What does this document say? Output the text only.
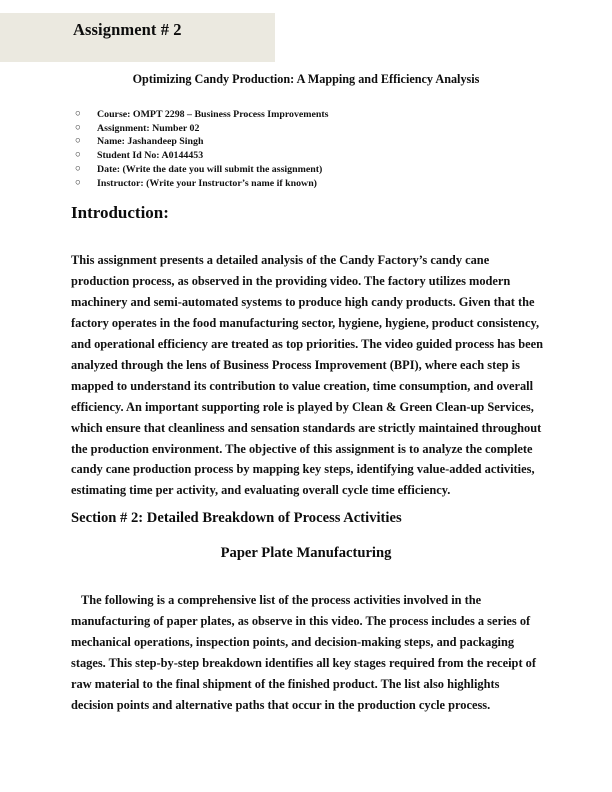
Assignment # 2
Optimizing Candy Production: A Mapping and Efficiency Analysis
○ Course: OMPT 2298 – Business Process Improvements
○ Assignment: Number 02
○ Name: Jashandeep Singh
○ Student Id No: A0144453
○ Date: (Write the date you will submit the assignment)
○ Instructor: (Write your Instructor’s name if known)
Introduction:

This assignment presents a detailed analysis of the Candy Factory’s candy cane production process, as observed in the providing video. The factory utilizes modern machinery and semi-automated systems to produce high candy products. Given that the factory operates in the food manufacturing sector, hygiene, hygiene, product consistency, and operational efficiency are treated as top priorities. The video guided process has been analyzed through the lens of Business Process Improvement (BPI), where each step is mapped to understand its contribution to value creation, time consumption, and overall efficiency. An important supporting role is played by Clean & Green Clean-up Services, which ensure that cleanliness and sensation standards are strictly maintained throughout the production environment. The objective of this assignment is to analyze the complete candy cane production process by mapping key steps, identifying value-added activities, estimating time per activity, and evaluating overall cycle time efficiency.

Section # 2: Detailed Breakdown of Process Activities
Paper Plate Manufacturing

The following is a comprehensive list of the process activities involved in the manufacturing of paper plates, as observe in this video. The process includes a series of mechanical operations, inspection points, and decision-making steps, and packaging stages. This step-by-step breakdown identifies all key stages required from the receipt of raw material to the final shipment of the finished product. The list also highlights decision points and alternative paths that occur in the production cycle process.
